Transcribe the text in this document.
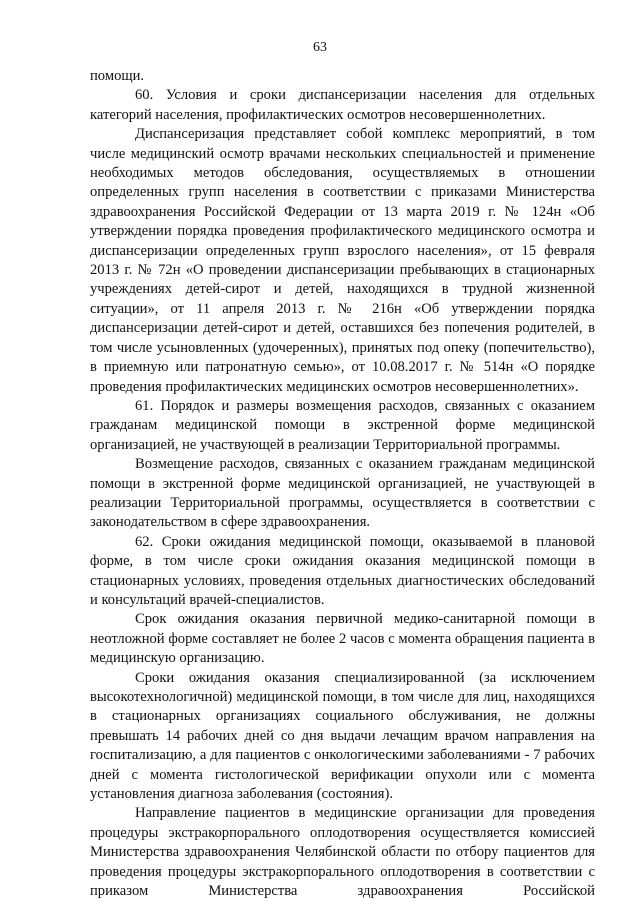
63

помощи.

60. Условия и сроки диспансеризации населения для отдельных категорий населения, профилактических осмотров несовершеннолетних.

Диспансеризация представляет собой комплекс мероприятий, в том числе медицинский осмотр врачами нескольких специальностей и применение необходимых методов обследования, осуществляемых в отношении определенных групп населения в соответствии с приказами Министерства здравоохранения Российской Федерации от 13 марта 2019 г. № 124н «Об утверждении порядка проведения профилактического медицинского осмотра и диспансеризации определенных групп взрослого населения», от 15 февраля 2013 г. № 72н «О проведении диспансеризации пребывающих в стационарных учреждениях детей-сирот и детей, находящихся в трудной жизненной ситуации», от 11 апреля 2013 г. № 216н «Об утверждении порядка диспансеризации детей-сирот и детей, оставшихся без попечения родителей, в том числе усыновленных (удочеренных), принятых под опеку (попечительство), в приемную или патронатную семью», от 10.08.2017 г. № 514н «О порядке проведения профилактических медицинских осмотров несовершеннолетних».

61. Порядок и размеры возмещения расходов, связанных с оказанием гражданам медицинской помощи в экстренной форме медицинской организацией, не участвующей в реализации Территориальной программы.

Возмещение расходов, связанных с оказанием гражданам медицинской помощи в экстренной форме медицинской организацией, не участвующей в реализации Территориальной программы, осуществляется в соответствии с законодательством в сфере здравоохранения.

62. Сроки ожидания медицинской помощи, оказываемой в плановой форме, в том числе сроки ожидания оказания медицинской помощи в стационарных условиях, проведения отдельных диагностических обследований и консультаций врачей-специалистов.

Срок ожидания оказания первичной медико-санитарной помощи в неотложной форме составляет не более 2 часов с момента обращения пациента в медицинскую организацию.

Сроки ожидания оказания специализированной (за исключением высокотехнологичной) медицинской помощи, в том числе для лиц, находящихся в стационарных организациях социального обслуживания, не должны превышать 14 рабочих дней со дня выдачи лечащим врачом направления на госпитализацию, а для пациентов с онкологическими заболеваниями - 7 рабочих дней с момента гистологической верификации опухоли или с момента установления диагноза заболевания (состояния).

Направление пациентов в медицинские организации для проведения процедуры экстракорпорального оплодотворения осуществляется комиссией Министерства здравоохранения Челябинской области по отбору пациентов для проведения процедуры экстракорпорального оплодотворения в соответствии с приказом Министерства здравоохранения Российской
